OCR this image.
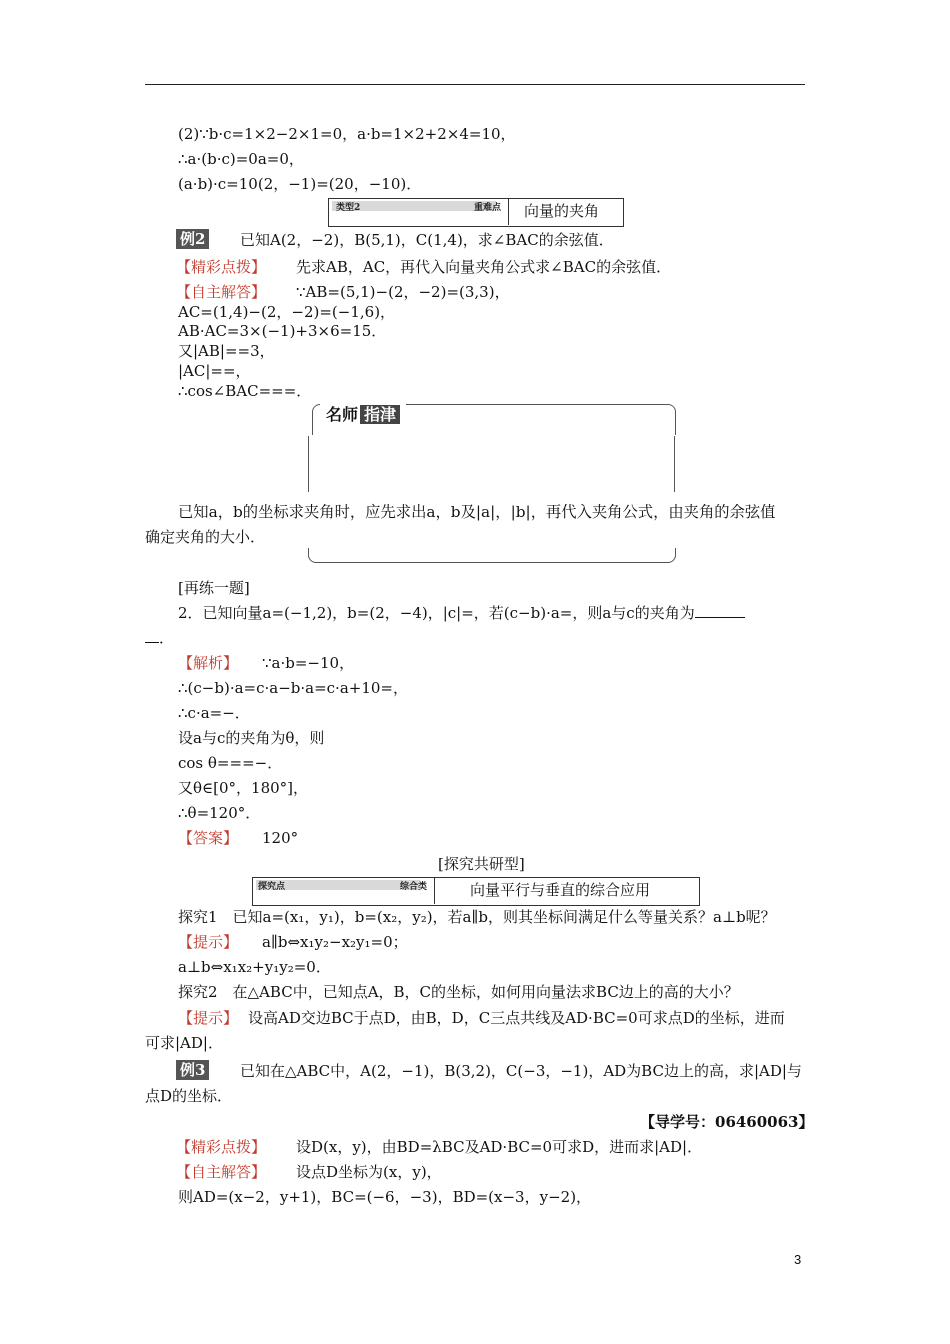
(2)∵b·c=1×2−2×1=0，a·b=1×2+2×4=10，
∴a·(b·c)=0a=0，
(a·b)·c=10(2，−1)=(20，−10)．
类型2	重难点 向量的夹角
例2 已知A(2，−2)，B(5,1)，C(1,4)，求∠BAC的余弦值．
【精彩点拨】 先求AB，AC，再代入向量夹角公式求∠BAC的余弦值．
【自主解答】 ∵AB=(5,1)−(2，−2)=(3,3)，
AC=(1,4)−(2，−2)=(−1,6)，
AB·AC=3×(−1)+3×6=15．
又|AB|==3，
|AC|==，
∴cos∠BAC===．
名师 指津
已知a，b的坐标求夹角时，应先求出a，b及|a|，|b|，再代入夹角公式，由夹角的余弦值
确定夹角的大小．
[再练一题]
2．已知向量a=(−1,2)，b=(2，−4)，|c|=，若(c−b)·a=，则a与c的夹角为
．
【解析】 ∵a·b=−10，
∴(c−b)·a=c·a−b·a=c·a+10=，
∴c·a=−．
设a与c的夹角为θ，则
cos θ===−．
又θ∈[0°，180°]，
∴θ=120°．
【答案】 120°
[探究共研型]
探究点	综合类	向量平行与垂直的综合应用
探究1　已知a=(x₁，y₁)，b=(x₂，y₂)，若a∥b，则其坐标间满足什么等量关系？a⊥b呢？
【提示】 a∥b⇔x₁y₂−x₂y₁=0；
a⊥b⇔x₁x₂+y₁y₂=0．
探究2　在△ABC中，已知点A，B，C的坐标，如何用向量法求BC边上的高的大小？
【提示】 设高AD交边BC于点D，由B，D，C三点共线及AD·BC=0可求点D的坐标，进而
可求|AD|．
例3 已知在△ABC中，A(2，−1)，B(3,2)，C(−3，−1)，AD为BC边上的高，求|AD|与
点D的坐标．
【导学号：06460063】
【精彩点拨】 设D(x，y)，由BD=λBC及AD·BC=0可求D，进而求|AD|．
【自主解答】 设点D坐标为(x，y)，
则AD=(x−2，y+1)，BC=(−6，−3)，BD=(x−3，y−2)，
3
